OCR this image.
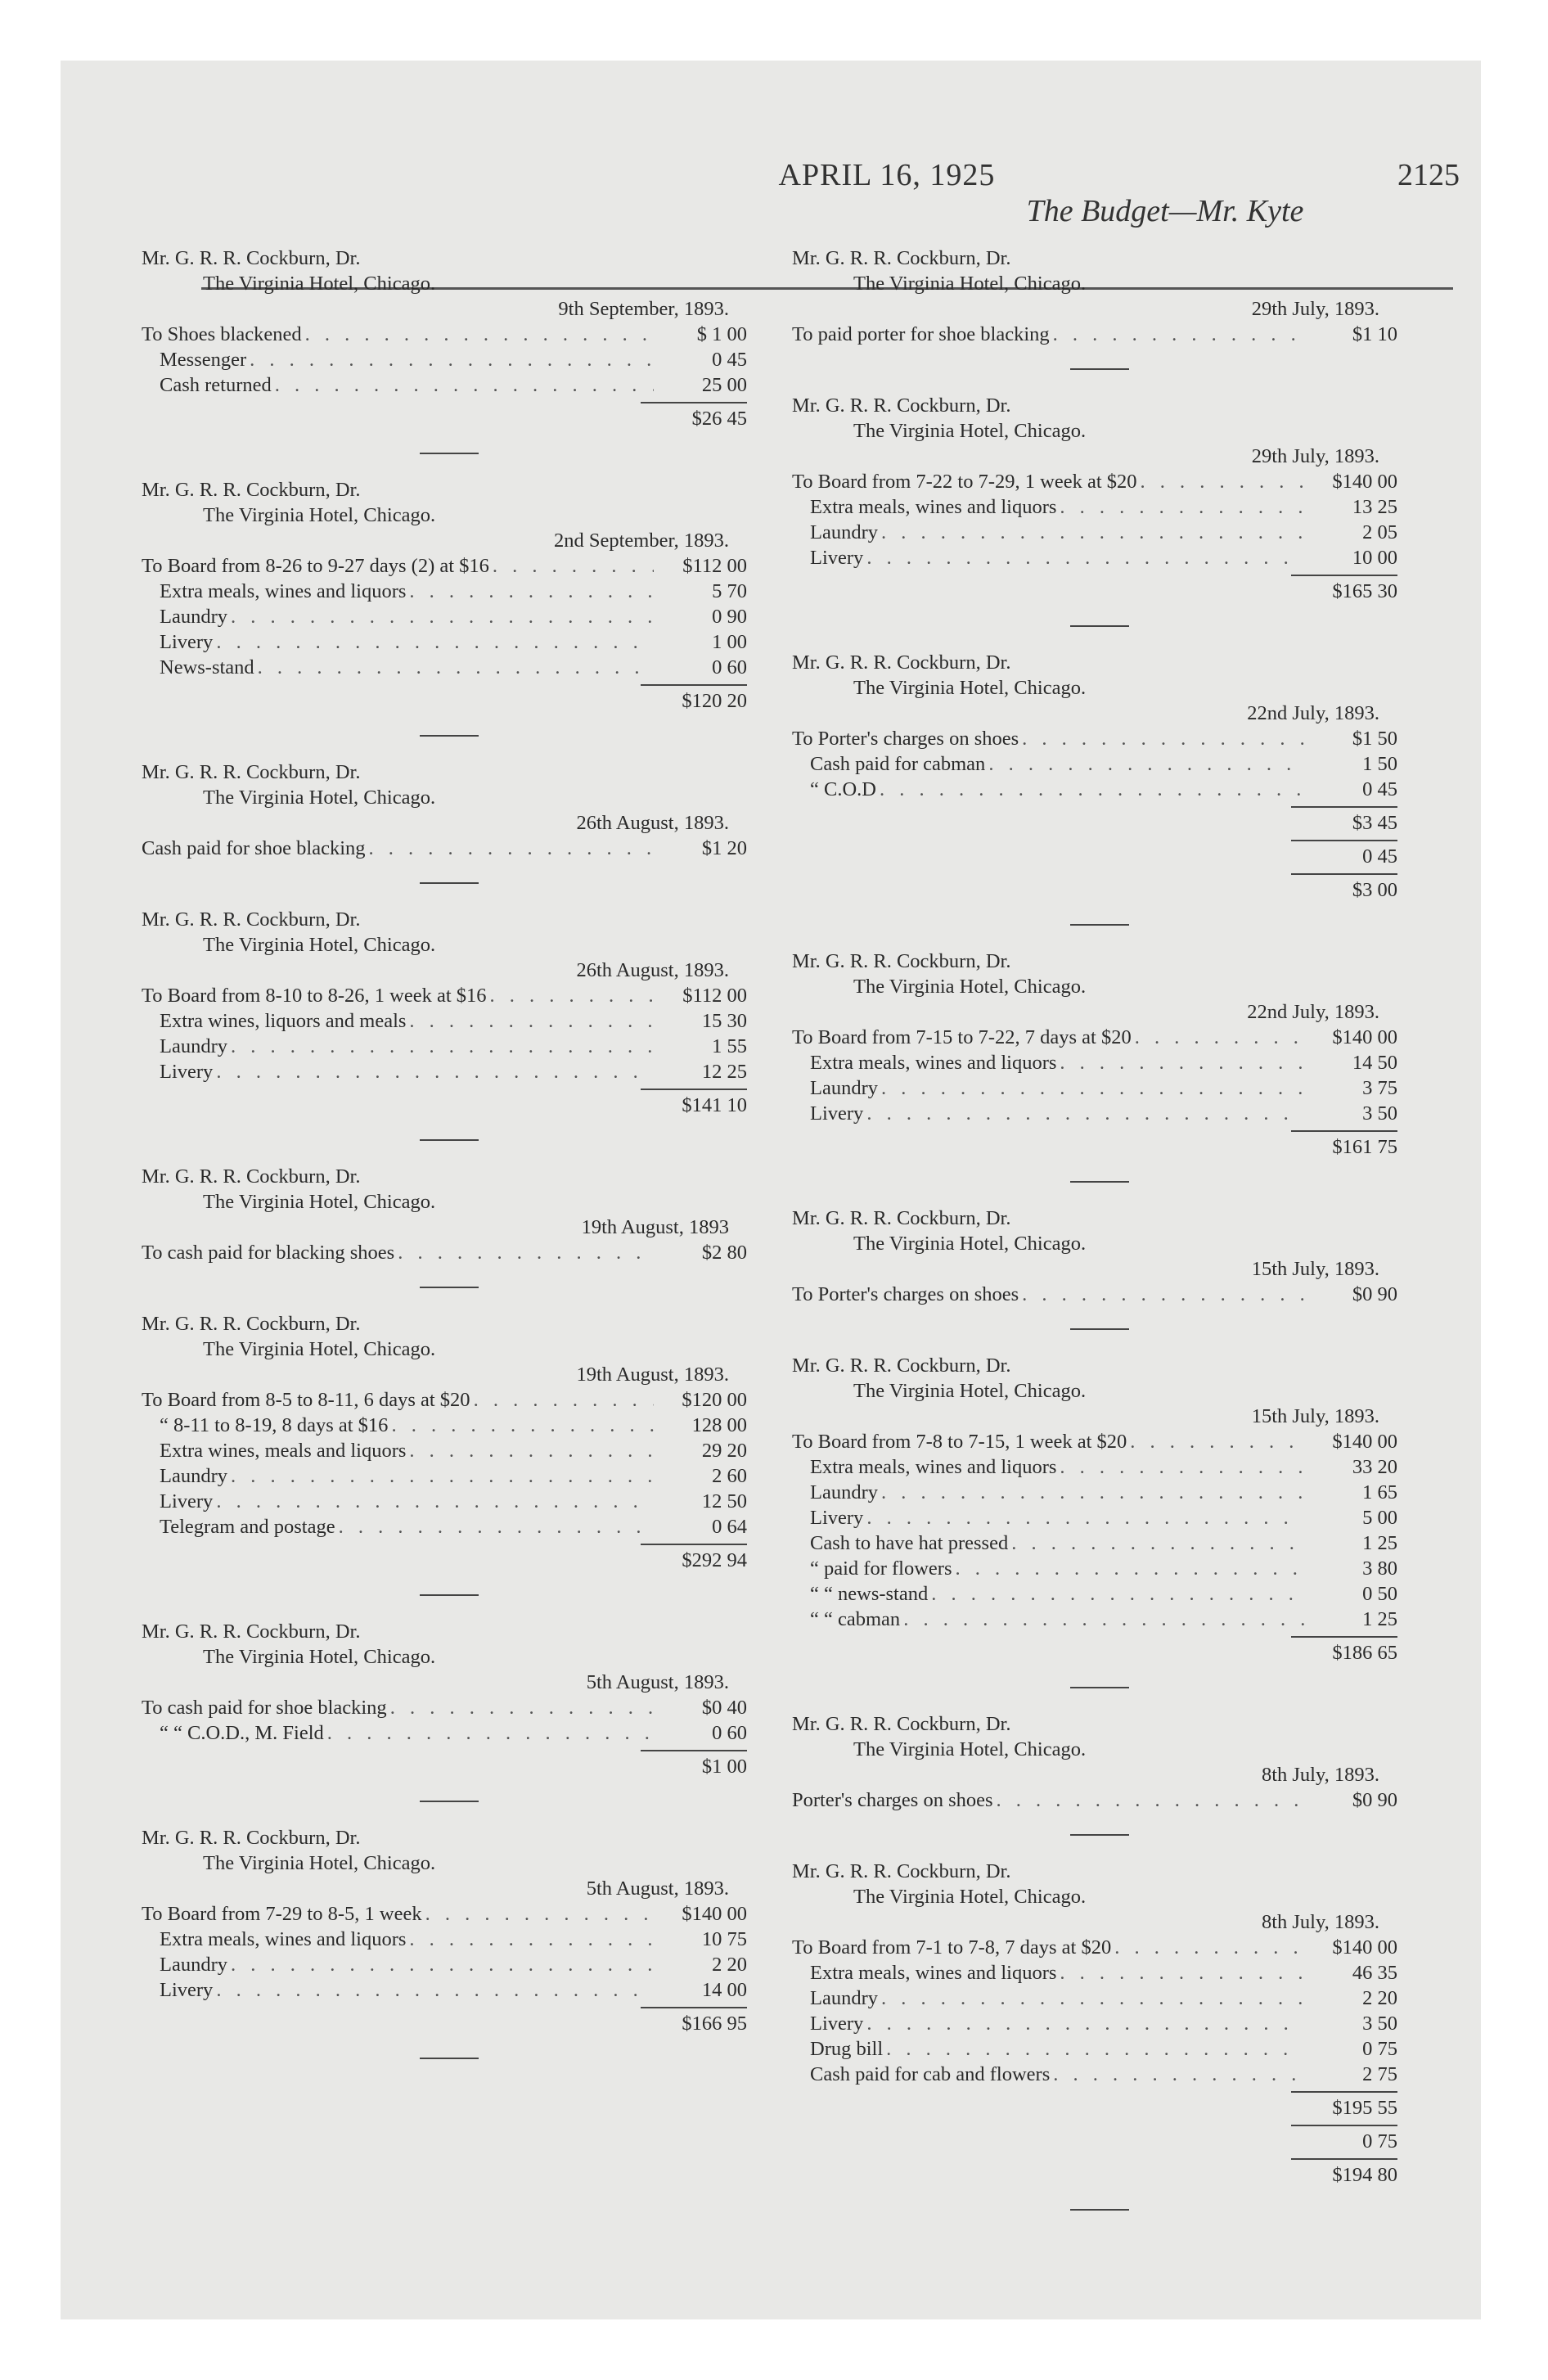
APRIL 16, 1925	2125
The Budget—Mr. Kyte
Mr. G. R. R. Cockburn, Dr.
The Virginia Hotel, Chicago.
9th September, 1893.
To Shoes blackened . . .	$ 1 00
Messenger . . .	0 45
Cash returned . . .	25 00
$26 45
Mr. G. R. R. Cockburn, Dr.
The Virginia Hotel, Chicago.
2nd September, 1893.
To Board from 8-26 to 9-27 days (2) at $16 . . .	$112 00
Extra meals, wines and liquors . . .	5 70
Laundry . . .	0 90
Livery . . .	1 00
News-stand . . .	0 60
$120 20
Mr. G. R. R. Cockburn, Dr.
The Virginia Hotel, Chicago.
26th August, 1893.
Cash paid for shoe blacking . . .	$1 20
Mr. G. R. R. Cockburn, Dr.
The Virginia Hotel, Chicago.
26th August, 1893.
To Board from 8-10 to 8-26, 1 week at $16 . . .	$112 00
Extra wines, liquors and meals . . .	15 30
Laundry . . .	1 55
Livery . . .	12 25
$141 10
Mr. G. R. R. Cockburn, Dr.
The Virginia Hotel, Chicago.
19th August, 1893
To cash paid for blacking shoes . . .	$2 80
Mr. G. R. R. Cockburn, Dr.
The Virginia Hotel, Chicago.
19th August, 1893.
To Board from 8-5 to 8-11, 6 days at $20 . . .	$120 00
“ 8-11 to 8-19, 8 days at $16 . . .	128 00
Extra wines, meals and liquors . . .	29 20
Laundry . . .	2 60
Livery . . .	12 50
Telegram and postage . . .	0 64
$292 94
Mr. G. R. R. Cockburn, Dr.
The Virginia Hotel, Chicago.
5th August, 1893.
To cash paid for shoe blacking . . .	$0 40
“ “ C.O.D., M. Field . . .	0 60
$1 00
Mr. G. R. R. Cockburn, Dr.
The Virginia Hotel, Chicago.
5th August, 1893.
To Board from 7-29 to 8-5, 1 week . . .	$140 00
Extra meals, wines and liquors . . .	10 75
Laundry . . .	2 20
Livery . . .	14 00
$166 95
Mr. G. R. R. Cockburn, Dr.
The Virginia Hotel, Chicago.
29th July, 1893.
To paid porter for shoe blacking . . .	$1 10
Mr. G. R. R. Cockburn, Dr.
The Virginia Hotel, Chicago.
29th July, 1893.
To Board from 7-22 to 7-29, 1 week at $20 . . .	$140 00
Extra meals, wines and liquors . . .	13 25
Laundry . . .	2 05
Livery . . .	10 00
$165 30
Mr. G. R. R. Cockburn, Dr.
The Virginia Hotel, Chicago.
22nd July, 1893.
To Porter's charges on shoes . . .	$1 50
Cash paid for cabman . . .	1 50
“ C.O.D . . .	0 45
$3 45
0 45
$3 00
Mr. G. R. R. Cockburn, Dr.
The Virginia Hotel, Chicago.
22nd July, 1893.
To Board from 7-15 to 7-22, 7 days at $20 . . .	$140 00
Extra meals, wines and liquors . . .	14 50
Laundry . . .	3 75
Livery . . .	3 50
$161 75
Mr. G. R. R. Cockburn, Dr.
The Virginia Hotel, Chicago.
15th July, 1893.
To Porter's charges on shoes . . .	$0 90
Mr. G. R. R. Cockburn, Dr.
The Virginia Hotel, Chicago.
15th July, 1893.
To Board from 7-8 to 7-15, 1 week at $20 . . .	$140 00
Extra meals, wines and liquors . . .	33 20
Laundry . . .	1 65
Livery . . .	5 00
Cash to have hat pressed . . .	1 25
“ paid for flowers . . .	3 80
“ “ news-stand . . .	0 50
“ “ cabman . . .	1 25
$186 65
Mr. G. R. R. Cockburn, Dr.
The Virginia Hotel, Chicago.
8th July, 1893.
Porter's charges on shoes . . .	$0 90
Mr. G. R. R. Cockburn, Dr.
The Virginia Hotel, Chicago.
8th July, 1893.
To Board from 7-1 to 7-8, 7 days at $20 . . .	$140 00
Extra meals, wines and liquors . . .	46 35
Laundry . . .	2 20
Livery . . .	3 50
Drug bill . . .	0 75
Cash paid for cab and flowers . . .	2 75
$195 55
0 75
$194 80
